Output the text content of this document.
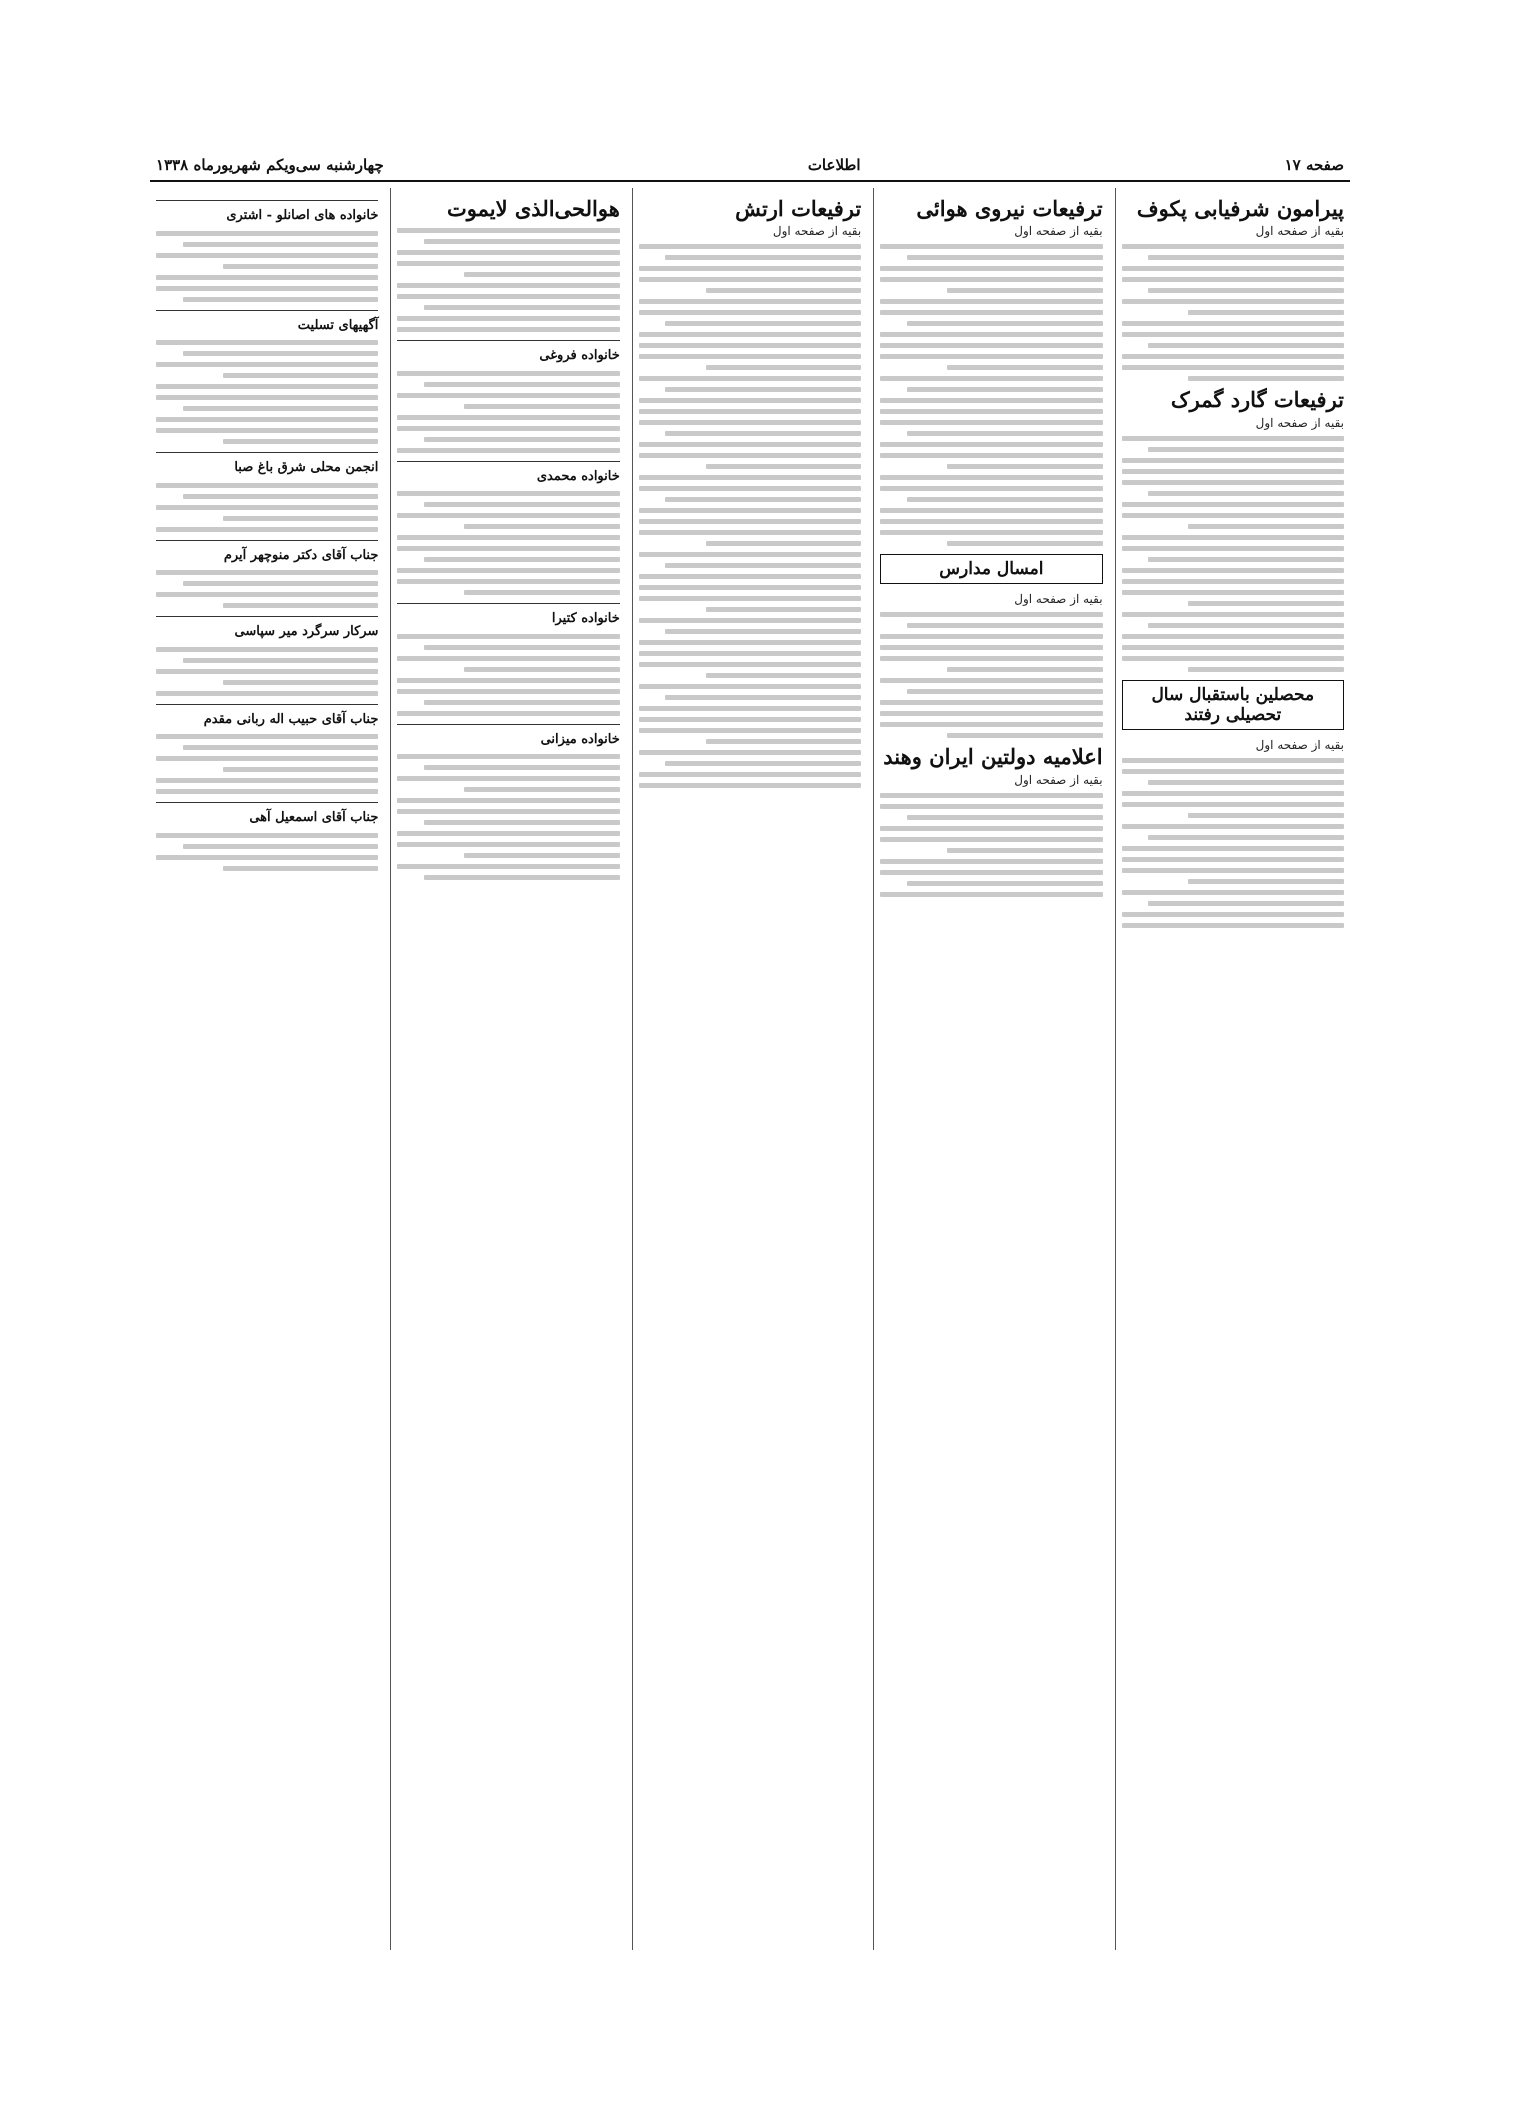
صفحه ۱۷
اطلاعات
چهارشنبه سی‌ویکم شهریورماه ۱۳۳۸
پیرامون شرفیابی پکوف
بقیه از صفحه اول
ترفیعات گارد گمرک
بقیه از صفحه اول
محصلین باستقبال سال تحصیلی رفتند
بقیه از صفحه اول
ترفیعات نیروی هوائی
بقیه از صفحه اول
امسال مدارس
بقیه از صفحه اول
اعلامیه دولتین ایران وهند
بقیه از صفحه اول
ترفیعات ارتش
بقیه از صفحه اول
هوالحی‌الذی لایموت
خانواده فروغی
خانواده محمدی
خانواده کتیرا
خانواده میزانی
خانواده های اصانلو - اشتری
آگهیهای تسلیت
انجمن محلی شرق باغ صبا
جناب آقای دکتر منوچهر آیرم
سرکار سرگرد میر سپاسی
جناب آقای حبیب اله ربانی مقدم
جناب آقای اسمعیل آهی
